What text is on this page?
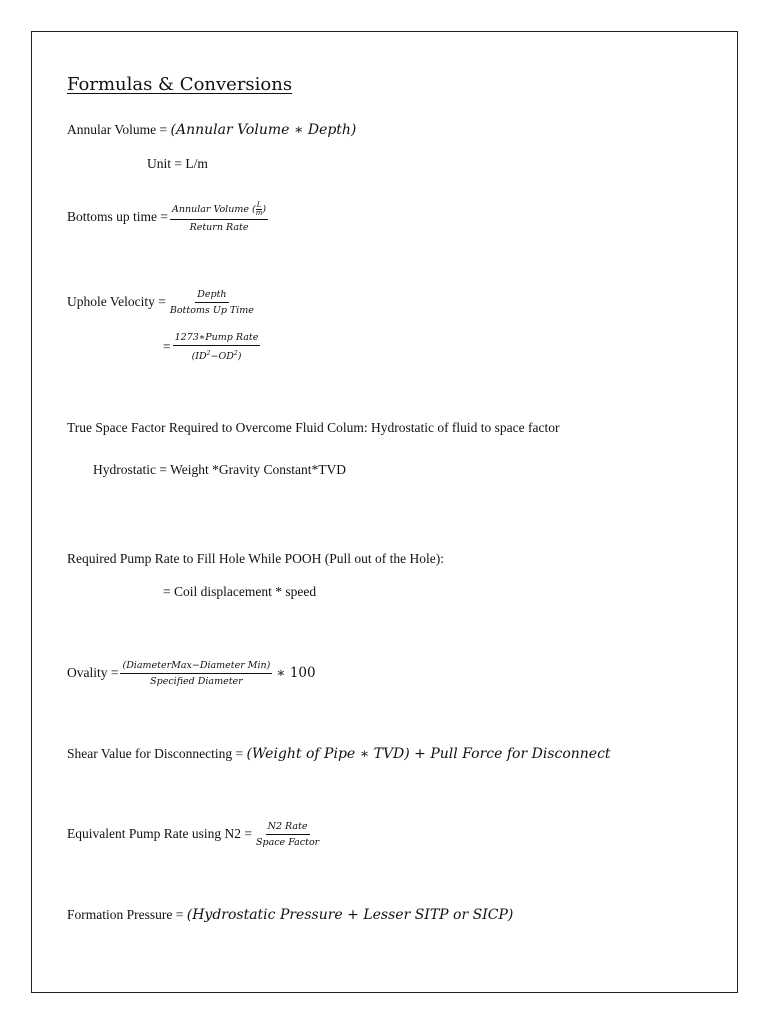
Formulas & Conversions
Annular Volume = (Annular Volume ∗ Depth)
Unit = L/m
Bottoms up time = $\frac{Annular Volume ( \frac{L}{m} )}{\text{Return Rate}}$
Uphole Velocity = $\frac{\text{Depth}}{\text{Bottoms Up Time}}$
= $\frac{\text{1273∗Pump Rate}}{(ID^2-OD^2)}$
True Space Factor Required to Overcome Fluid Colum: Hydrostatic of fluid to space factor
Hydrostatic = Weight *Gravity Constant*TVD
Required Pump Rate to Fill Hole While POOH (Pull out of the Hole):
= Coil displacement * speed
Ovality = $\frac{\text{(DiameterMax−Diameter Min)}}{\text{Specified Diameter}}$ ∗ 100
Shear Value for Disconnecting = (Weight of Pipe ∗ TVD) + Pull Force for Disconnect
Equivalent Pump Rate using $N2 = \frac{\text{N2 Rate}}{\text{Space Factor}}$
Formation Pressure = (Hydrostatic Pressure + Lesser SITP or SICP)
